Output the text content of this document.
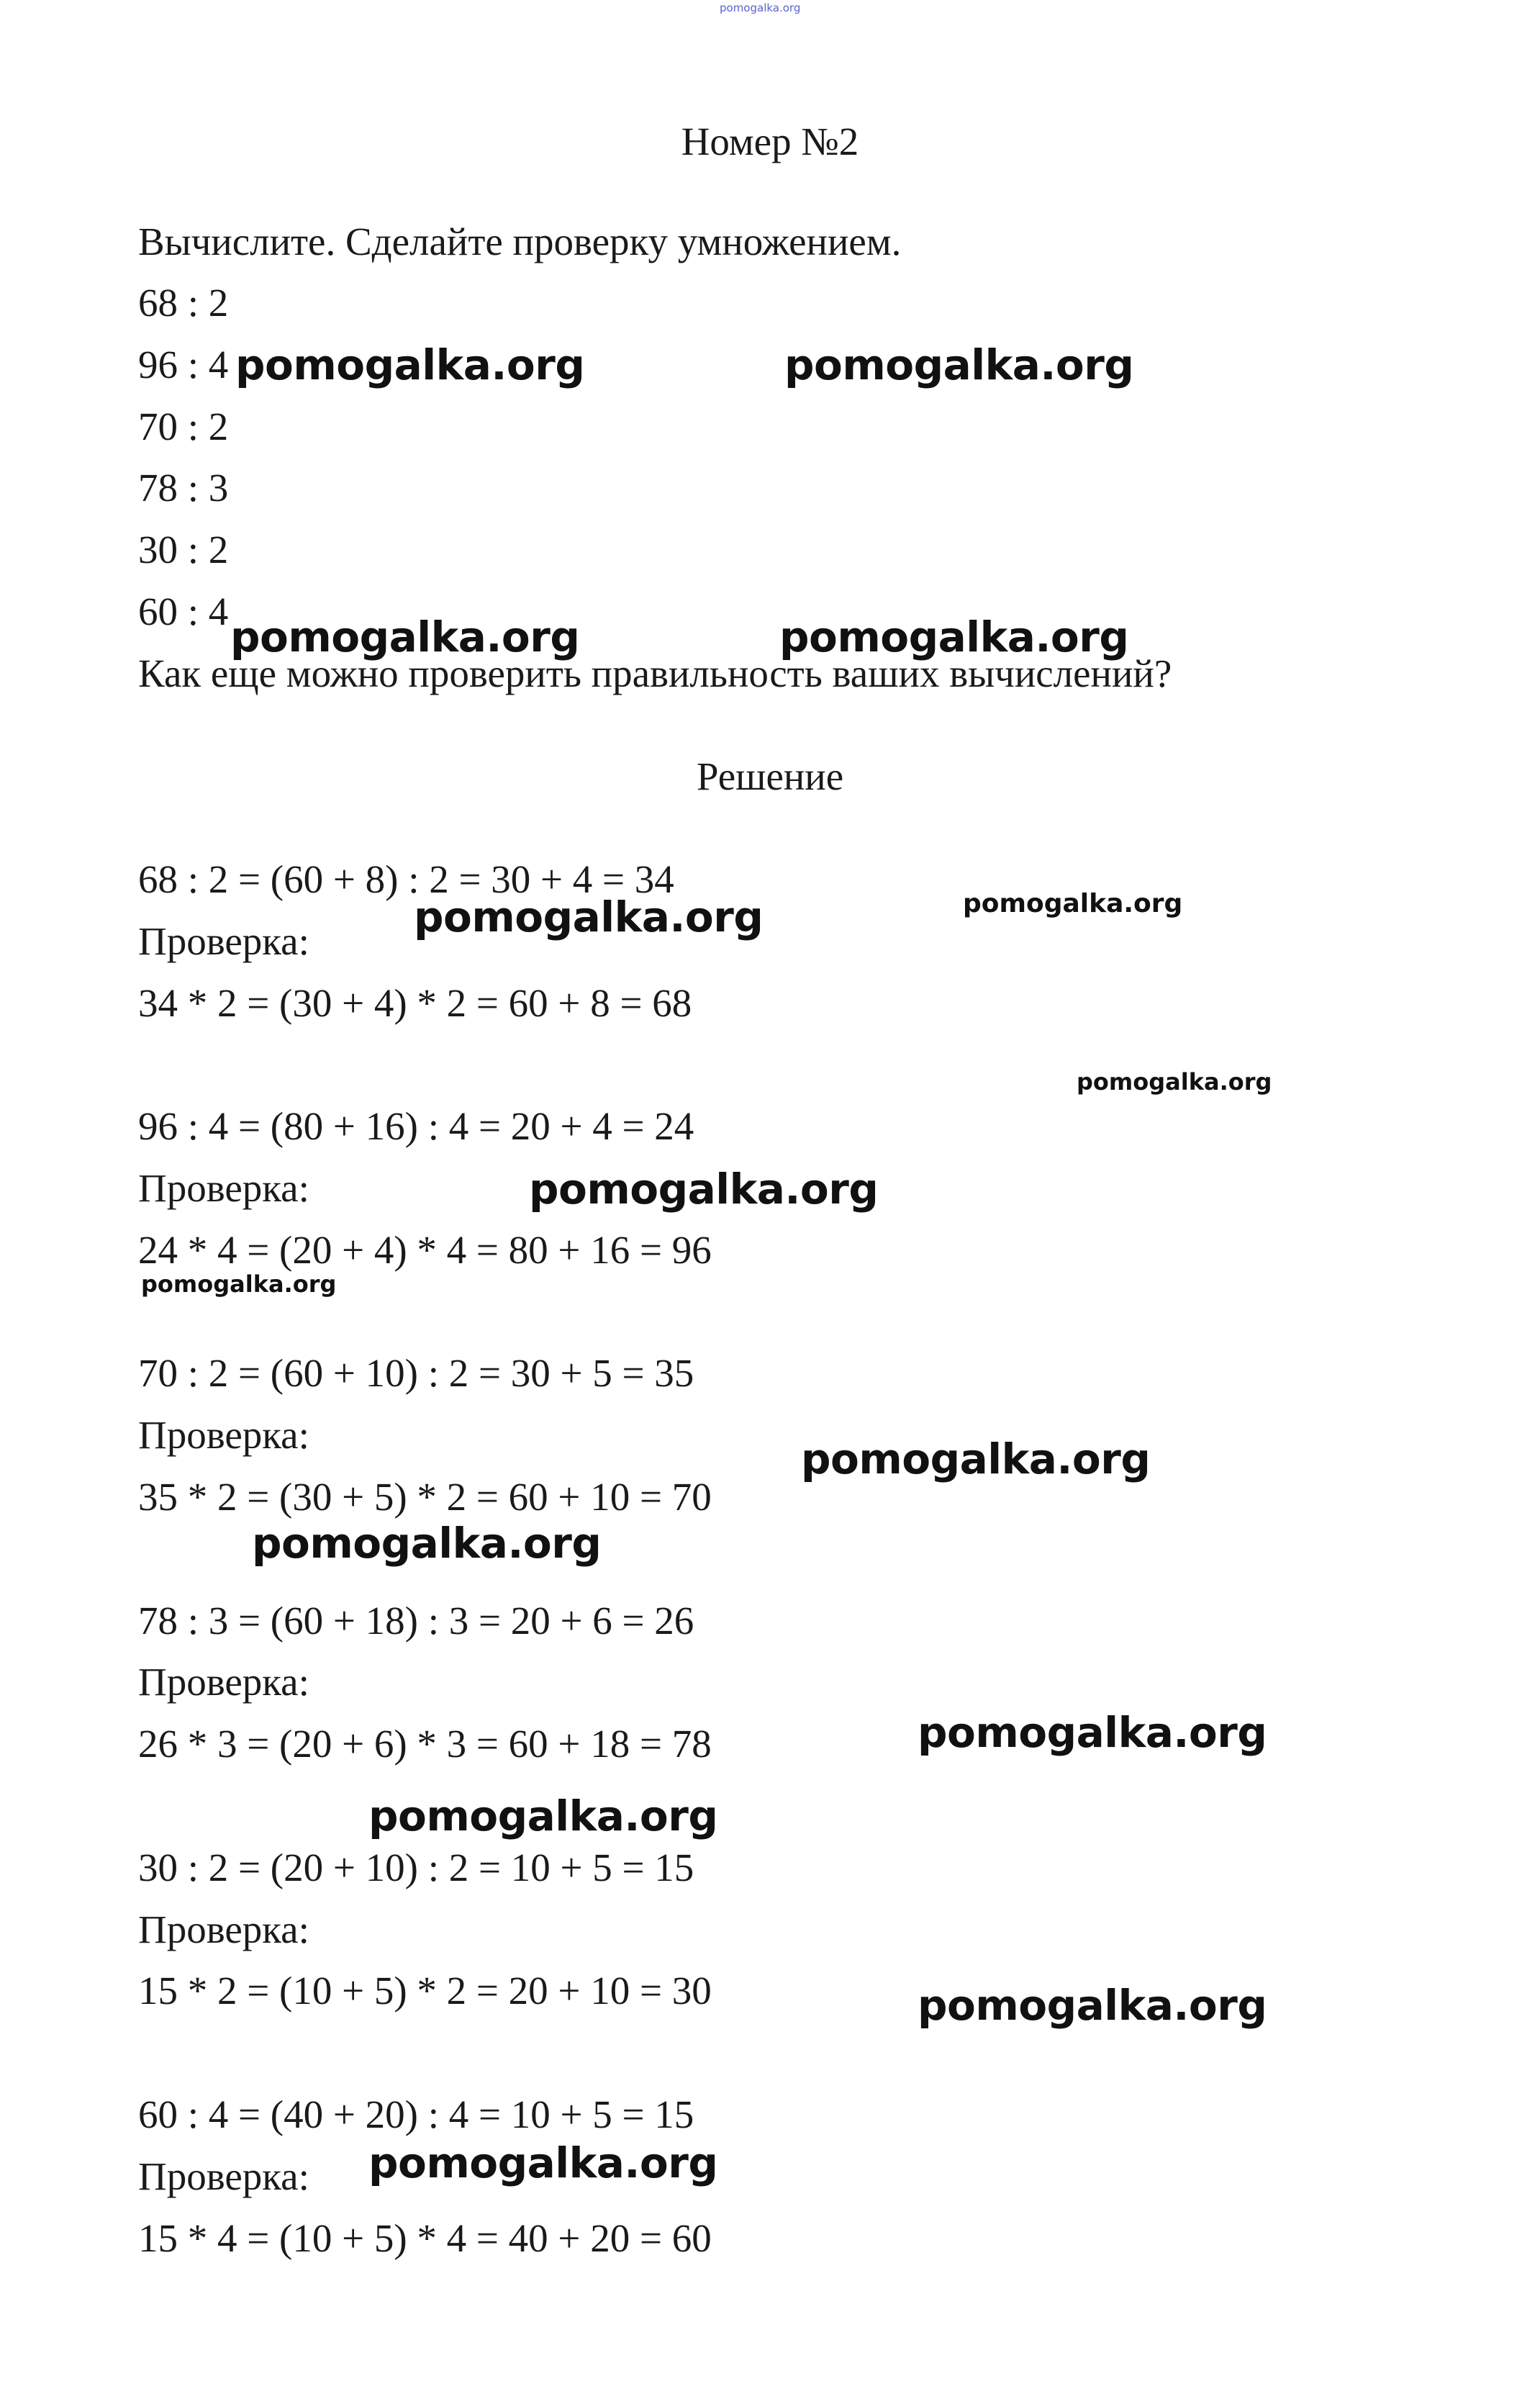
pomogalka.org
Номер №2
Вычислите. Сделайте проверку умножением.
68 : 2
96 : 4
70 : 2
78 : 3
30 : 2
60 : 4
Как еще можно проверить правильность ваших вычислений?
Решение
68 : 2 = (60 + 8) : 2 = 30 + 4 = 34
Проверка:
34 * 2 = (30 + 4) * 2 = 60 + 8 = 68
96 : 4 = (80 + 16) : 4 = 20 + 4 = 24
Проверка:
24 * 4 = (20 + 4) * 4 = 80 + 16 = 96
70 : 2 = (60 + 10) : 2 = 30 + 5 = 35
Проверка:
35 * 2 = (30 + 5) * 2 = 60 + 10 = 70
78 : 3 = (60 + 18) : 3 = 20 + 6 = 26
Проверка:
26 * 3 = (20 + 6) * 3 = 60 + 18 = 78
30 : 2 = (20 + 10) : 2 = 10 + 5 = 15
Проверка:
15 * 2 = (10 + 5) * 2 = 20 + 10 = 30
60 : 4 = (40 + 20) : 4 = 10 + 5 = 15
Проверка:
15 * 4 = (10 + 5) * 4 = 40 + 20 = 60
pomogalka.org	pomogalka.org
pomogalka.org	pomogalka.org
pomogalka.org	pomogalka.org
pomogalka.org
pomogalka.org
pomogalka.org
pomogalka.org
pomogalka.org
pomogalka.org
pomogalka.org
pomogalka.org
pomogalka.org
